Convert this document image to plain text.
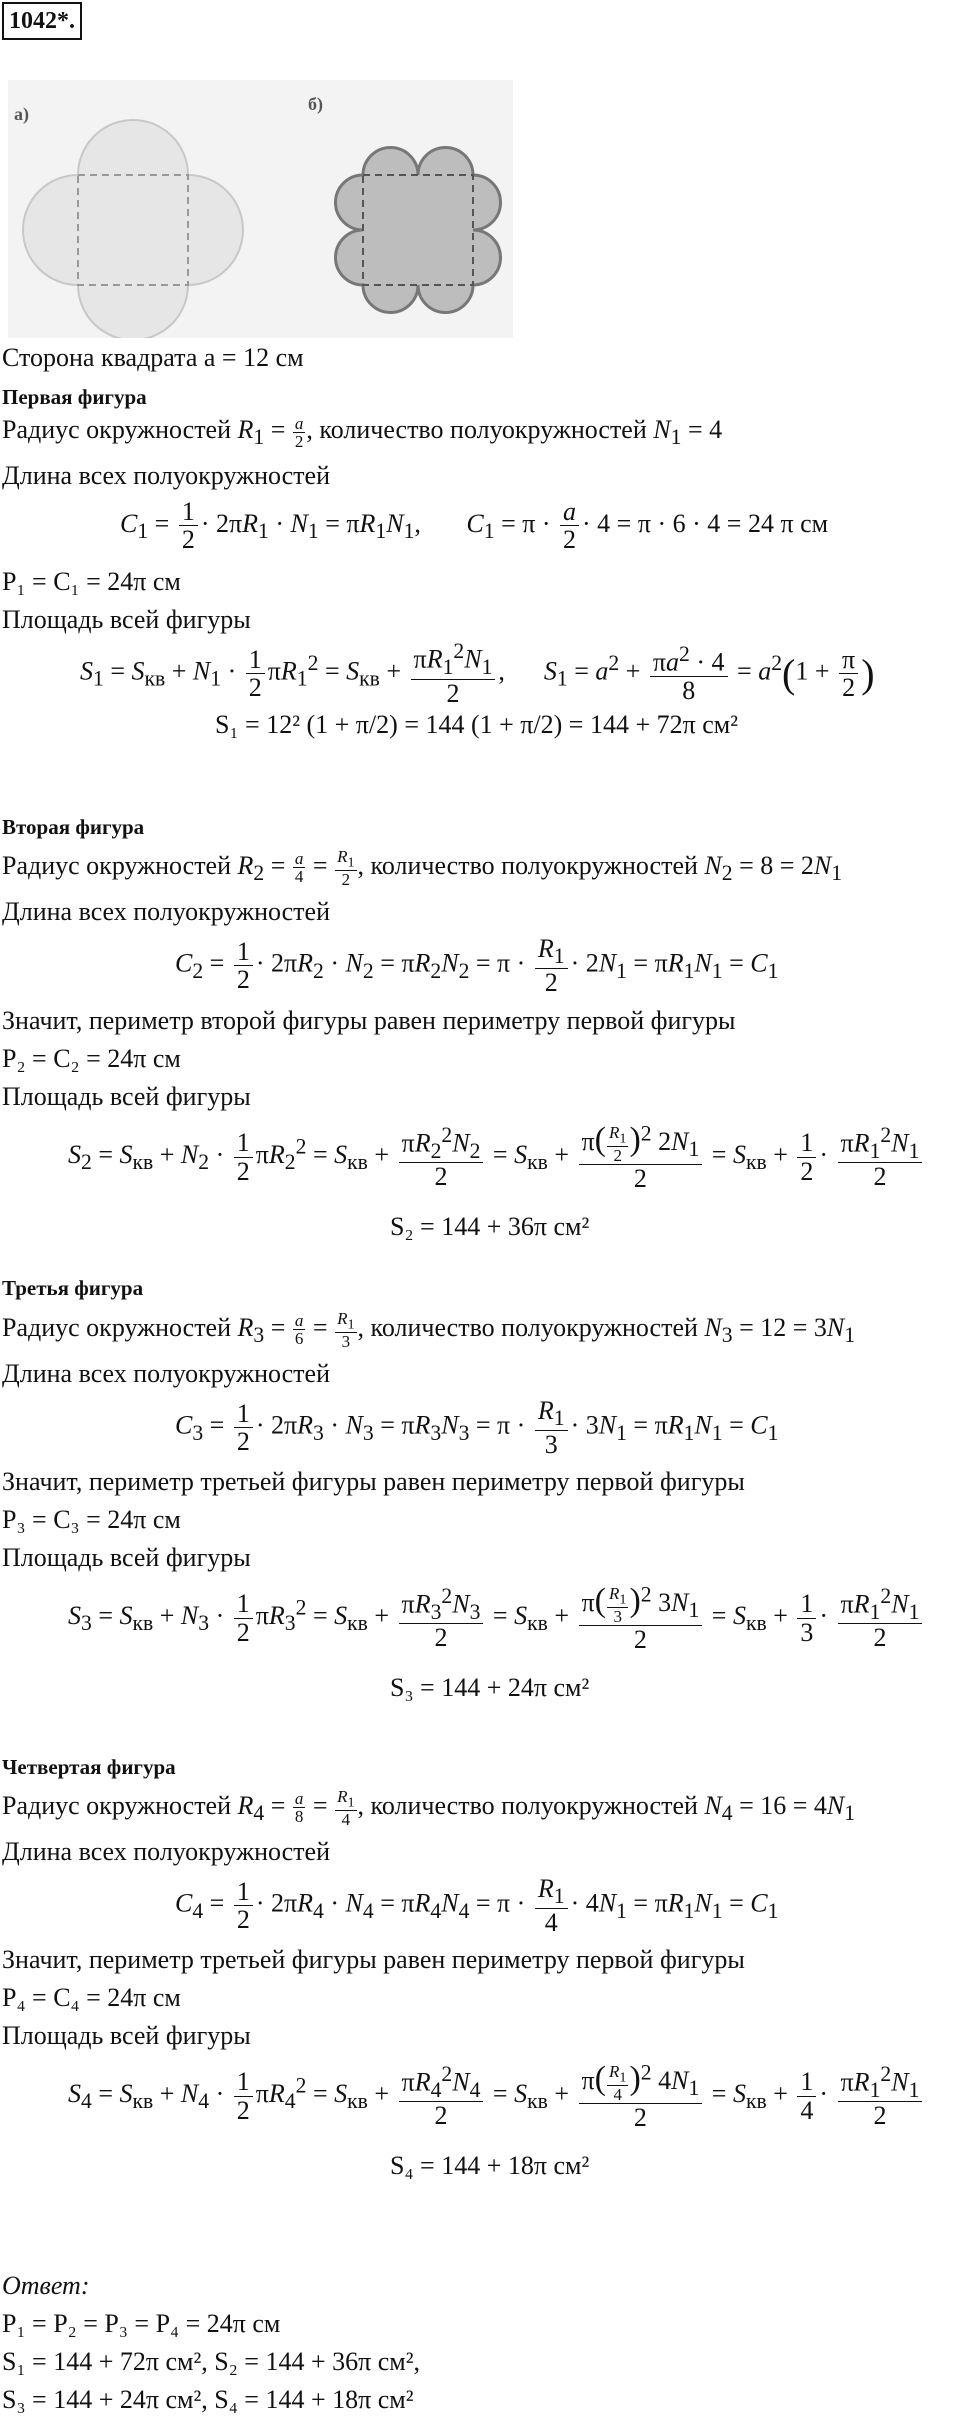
1042*.
а)	б)
Сторона квадрата a = 12 см
Первая фигура
Радиус окружностей $R_1 = \frac{a}{2}$ , количество полуокружностей $N_1 = 4$
Длина всех полуокружностей
$C_1 = \frac{1}{2} \cdot 2\pi R_1 \cdot N_1 = \pi R_1N_1$,       $C_1 = \pi \cdot \frac{a}{2} \cdot 4 = \pi \cdot 6 \cdot 4 = 24$ π см
P₁ = C₁ = 24π см
Площадь всей фигуры
$S_1 = S_{кв} + N_1 \cdot \frac{1}{2} \pi R_1^2 = S_{кв} + \frac{\pi R_1^2N_1}{2}$ ,      $S_1 = a^2 + \frac{\pi a^2 \cdot 4}{8} = a^2(1 + \frac{\pi}{2}$ )
S₁ = 12² (1 + π/2) = 144 (1 + π/2) = 144 + 72π см²
Вторая фигура
Радиус окружностей $R_2 = \frac{a}{4} = \frac{R_1}{2}$ , количество полуокружностей $N_2 = 8 = 2N_1$
Длина всех полуокружностей
$C_2 = \frac{1}{2} \cdot 2\pi R_2 \cdot N_2 = \pi R_2N_2 = \pi \cdot \frac{R_1}{2} \cdot 2N_1 = \pi R_1N_1 = C_1$
Значит, периметр второй фигуры равен периметру первой фигуры
P₂ = C₂ = 24π см
Площадь всей фигуры
$S_2 = S_{кв} + N_2 \cdot \frac{1}{2} \pi R_2^2 = S_{кв} + \frac{\pi R_2^2N_2}{2} = S_{кв} + \frac{\pi( \frac{R_1}{2} )^2 2N_1}{2} = S_{кв} + \frac{1}{2} \cdot \frac{\pi R_1^2N_1}{2}$
S₂ = 144 + 36π см²
Третья фигура
Радиус окружностей $R_3 = \frac{a}{6} = \frac{R_1}{3}$ , количество полуокружностей $N_3 = 12 = 3N_1$
Длина всех полуокружностей
$C_3 = \frac{1}{2} \cdot 2\pi R_3 \cdot N_3 = \pi R_3N_3 = \pi \cdot \frac{R_1}{3} \cdot 3N_1 = \pi R_1N_1 = C_1$
Значит, периметр третьей фигуры равен периметру первой фигуры
P₃ = C₃ = 24π см
Площадь всей фигуры
$S_3 = S_{кв} + N_3 \cdot \frac{1}{2} \pi R_3^2 = S_{кв} + \frac{\pi R_3^2N_3}{2} = S_{кв} + \frac{\pi( \frac{R_1}{3} )^2 3N_1}{2} = S_{кв} + \frac{1}{3} \cdot \frac{\pi R_1^2N_1}{2}$
S₃ = 144 + 24π см²
Четвертая фигура
Радиус окружностей $R_4 = \frac{a}{8} = \frac{R_1}{4}$ , количество полуокружностей $N_4 = 16 = 4N_1$
Длина всех полуокружностей
$C_4 = \frac{1}{2} \cdot 2\pi R_4 \cdot N_4 = \pi R_4N_4 = \pi \cdot \frac{R_1}{4} \cdot 4N_1 = \pi R_1N_1 = C_1$
Значит, периметр третьей фигуры равен периметру первой фигуры
P₄ = C₄ = 24π см
Площадь всей фигуры
$S_4 = S_{кв} + N_4 \cdot \frac{1}{2} \pi R_4^2 = S_{кв} + \frac{\pi R_4^2N_4}{2} = S_{кв} + \frac{\pi( \frac{R_1}{4} )^2 4N_1}{2} = S_{кв} + \frac{1}{4} \cdot \frac{\pi R_1^2N_1}{2}$
S₄ = 144 + 18π см²
Ответ:
P₁ = P₂ = P₃ = P₄ = 24π см
S₁ = 144 + 72π см², S₂ = 144 + 36π см²,
S₃ = 144 + 24π см², S₄ = 144 + 18π см²
